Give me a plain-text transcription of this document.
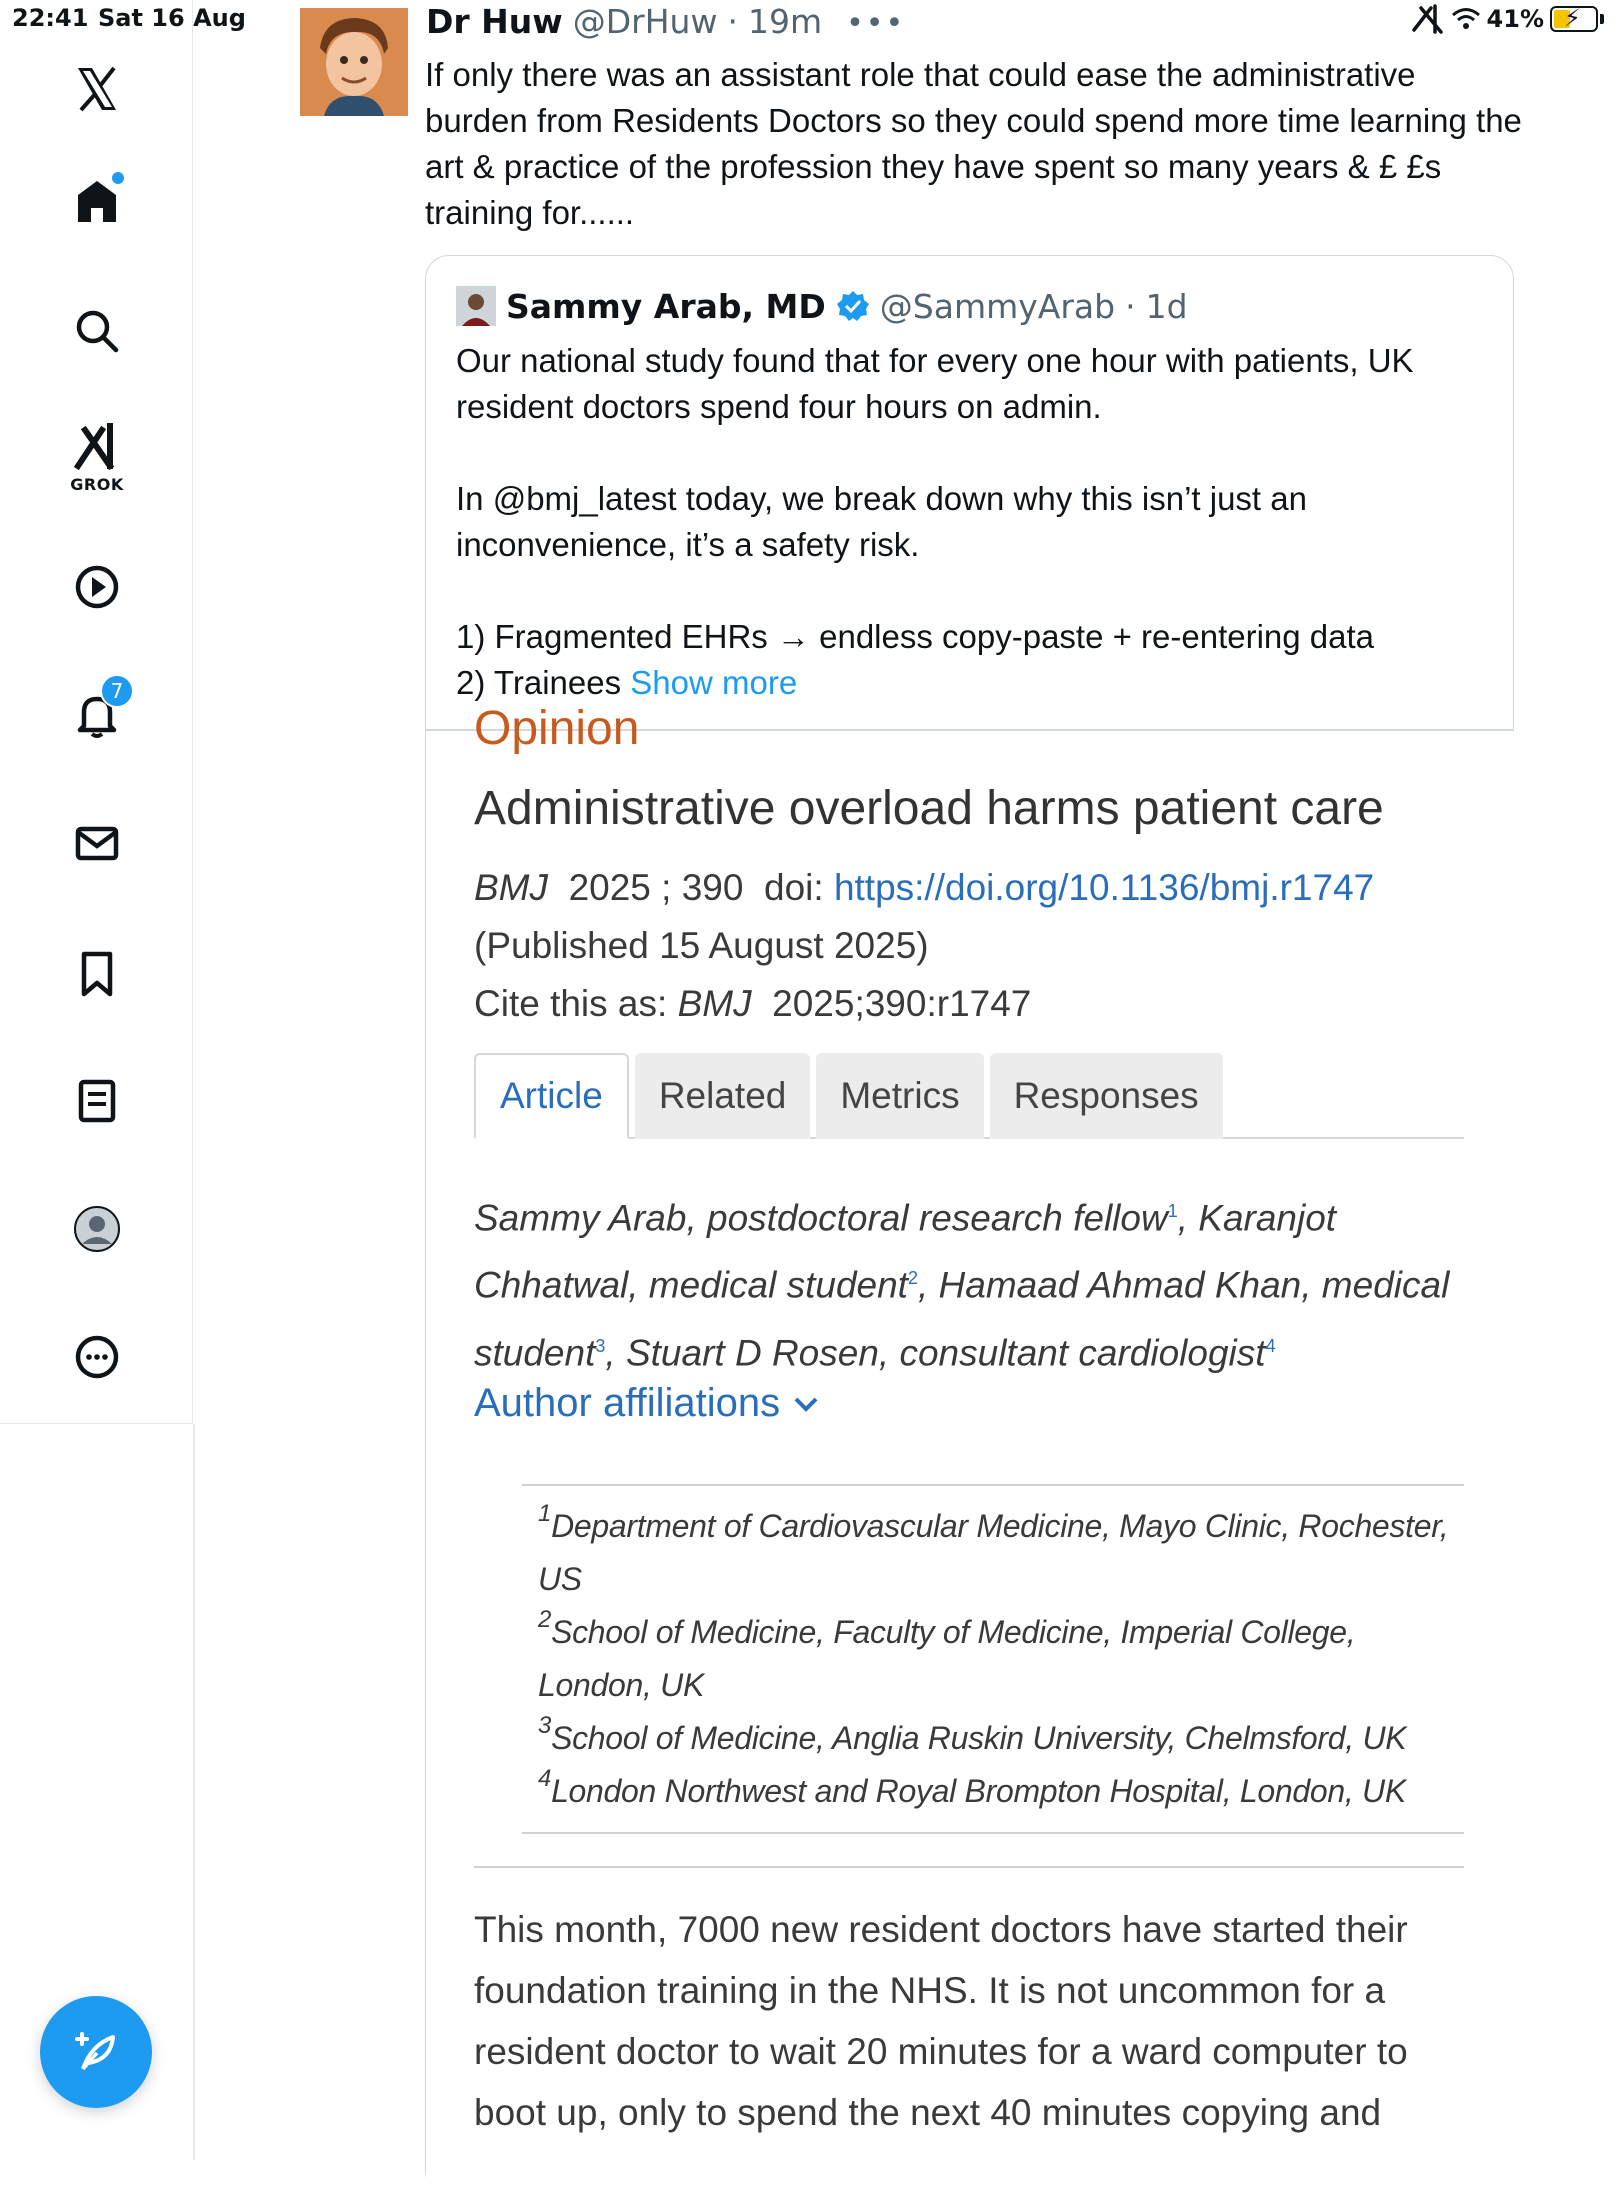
22:41 Sat 16 Aug	41% ⚡
GROK
7
Dr Huw @DrHuw · 19m •••
If only there was an assistant role that could ease the administrative burden from Residents Doctors so they could spend more time learning the art & practice of the profession they have spent so many years & £ £s training for......
Sammy Arab, MD @SammyArab · 1d

Our national study found that for every one hour with patients, UK resident doctors spend four hours on admin.

In @bmj_latest today, we break down why this isn’t just an inconvenience, it’s a safety risk.

1) Fragmented EHRs → endless copy-paste + re-entering data

2) Trainees Show more

Opinion
Administrative overload harms patient care
BMJ 2025 ; 390 doi: https://doi.org/10.1136/bmj.r1747
(Published 15 August 2025)
Cite this as: BMJ 2025;390:r1747
Article	Related	Metrics	Responses
Sammy Arab, postdoctoral research fellow$^1$, Karanjot Chhatwal, medical student$^2$, Hamaad Ahmad Khan, medical student$^3$, Stuart D Rosen, consultant cardiologist$^4$
Author affiliations
$^1$Department of Cardiovascular Medicine, Mayo Clinic, Rochester, US
$^2$School of Medicine, Faculty of Medicine, Imperial College, London, UK
$^3$School of Medicine, Anglia Ruskin University, Chelmsford, UK
$^4$London Northwest and Royal Brompton Hospital, London, UK
This month, 7000 new resident doctors have started their foundation training in the NHS. It is not uncommon for a resident doctor to wait 20 minutes for a ward computer to boot up, only to spend the next 40 minutes copying and
